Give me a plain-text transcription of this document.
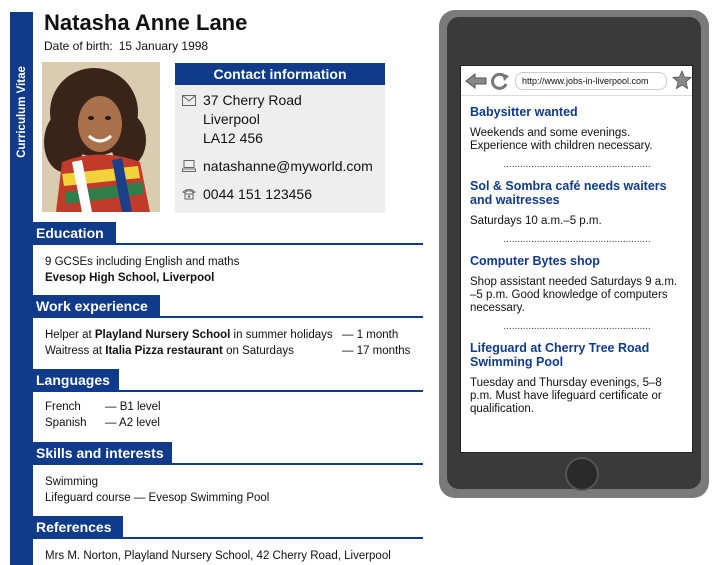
Curriculum Vitae
Natasha Anne Lane
Date of birth: 15 January 1998
Contact information
37 Cherry Road
Liverpool
LA12 456
natashanne@myworld.com
0044 151 123456
Education
9 GCSEs including English and maths
Evesop High School, Liverpool
Work experience
Helper at Playland Nursery School in summer holidays — 1 month
Waitress at Italia Pizza restaurant on Saturdays	— 17 months
Languages
French	— B1 level
Spanish	— A2 level
Skills and interests
Swimming
Lifeguard course — Evesop Swimming Pool
References
Mrs M. Norton, Playland Nursery School, 42 Cherry Road, Liverpool
http://www.jobs-in-liverpool.com
Babysitter wanted
Weekends and some evenings. Experience with children necessary.
.....................................................
Sol & Sombra café needs waiters and waitresses
Saturdays 10 a.m.–5 p.m.
.....................................................
Computer Bytes shop
Shop assistant needed Saturdays 9 a.m. –5 p.m. Good knowledge of computers necessary.
.....................................................
Lifeguard at Cherry Tree Road Swimming Pool
Tuesday and Thursday evenings, 5–8 p.m. Must have lifeguard certificate or qualification.
